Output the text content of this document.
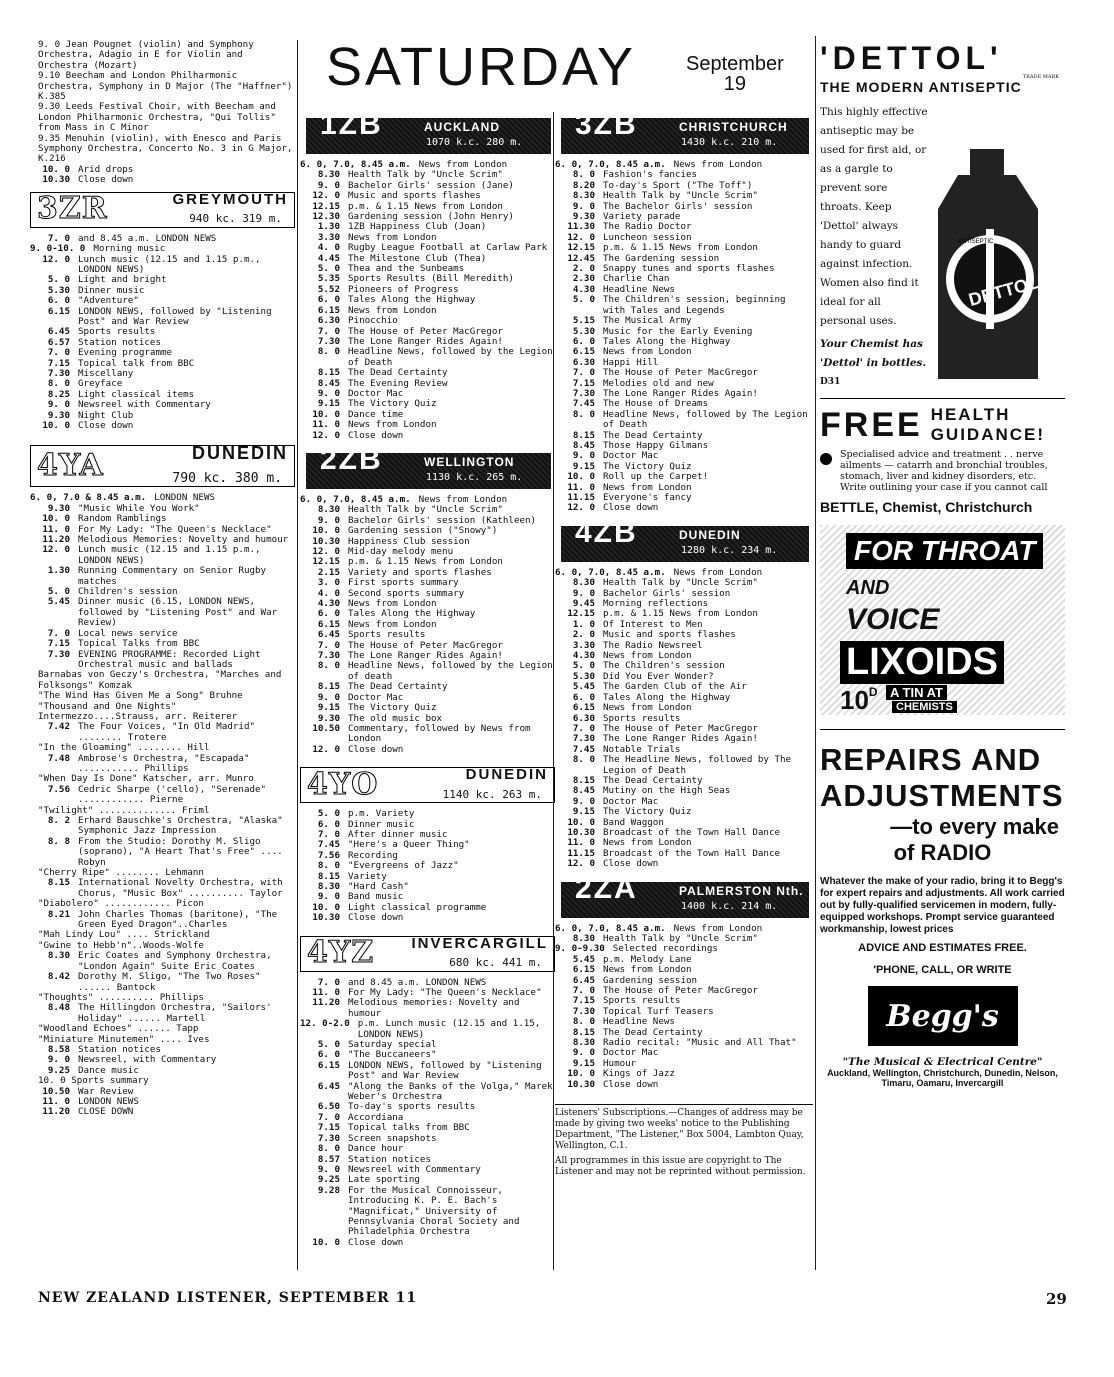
SATURDAY September
19
9. 0 Jean Pougnet (violin) and Symphony Orchestra, Adagio in E for Violin and Orchestra (Mozart)
9.10 Beecham and London Philharmonic Orchestra, Symphony in D Major (The "Haffner") K.385
9.30 Leeds Festival Choir, with Beecham and London Philharmonic Orchestra, "Qui Tollis" from Mass in C Minor
9.35 Menuhin (violin), with Enesco and Paris Symphony Orchestra, Concerto No. 3 in G Major, K.216
10. 0 Arid drops
10.30 Close down
3ZR	GREYMOUTH
940 kc. 319 m.
7. 0 and 8.45 a.m. LONDON NEWS
9. 0-10. 0 Morning music
12. 0 Lunch music (12.15 and 1.15 p.m., LONDON NEWS)
5. 0 Light and bright
5.30 Dinner music
6. 0 "Adventure"
6.15 LONDON NEWS, followed by "Listening Post" and War Review
6.45 Sports results
6.57 Station notices
7. 0 Evening programme
7.15 Topical talk from BBC
7.30 Miscellany
8. 0 Greyface
8.25 Light classical items
9. 0 Newsreel with Commentary
9.30 Night Club
10. 0 Close down
4YA	DUNEDIN
790 kc. 380 m.
6. 0, 7.0 & 8.45 a.m. LONDON NEWS
9.30 "Music While You Work"
10. 0 Random Ramblings
11. 0 For My Lady: "The Queen's Necklace"
11.20 Melodious Memories: Novelty and humour
12. 0 Lunch music (12.15 and 1.15 p.m., LONDON NEWS)
1.30 Running Commentary on Senior Rugby matches
5. 0 Children's session
5.45 Dinner music (6.15, LONDON NEWS, followed by "Listening Post" and War Review)
7. 0 Local news service
7.15 Topical Talks from BBC
7.30 EVENING PROGRAMME: Recorded Light Orchestral music and ballads
Barnabas von Geczy's Orchestra, "Marches and Folksongs" Komzak
"The Wind Has Given Me a Song" Bruhne
"Thousand and One Nights" Intermezzo....Strauss, arr. Reiterer
7.42 The Four Voices, "In Old Madrid" ........ Trotere
"In the Gloaming" ........ Hill
7.48 Ambrose's Orchestra, "Escapada" ........... Phillips
"When Day Is Done" Katscher, arr. Munro
7.56 Cedric Sharpe ('cello), "Serenade" ............ Pierne
"Twilight" .............. Friml
8. 2 Erhard Bauschke's Orchestra, "Alaska" Symphonic Jazz Impression
8. 8 From the Studio: Dorothy M. Sligo (soprano), "A Heart That's Free" .... Robyn
"Cherry Ripe" ........ Lehmann
8.15 International Novelty Orchestra, with Chorus, "Music Box" .......... Taylor
"Diabolero" ............ Picon
8.21 John Charles Thomas (baritone), "The Green Eyed Dragon"..Charles
"Mah Lindy Lou" .... Strickland
"Gwine to Hebb'n"..Woods-Wolfe
8.30 Eric Coates and Symphony Orchestra, "London Again" Suite Eric Coates
8.42 Dorothy M. Sligo, "The Two Roses" ...... Bantock
"Thoughts" .......... Phillips
8.48 The Hillingdon Orchestra, "Sailors' Holiday" ...... Martell
"Woodland Echoes" ...... Tapp
"Miniature Minutemen" .... Ives
8.58 Station notices
9. 0 Newsreel, with Commentary
9.25 Dance music
10. 0 Sports summary
10.50 War Review
11. 0 LONDON NEWS
11.20 CLOSE DOWN
1ZB	AUCKLAND
1070 k.c. 280 m.
6. 0, 7.0, 8.45 a.m. News from London
8.30 Health Talk by "Uncle Scrim"
9. 0 Bachelor Girls' session (Jane)
12. 0 Music and sports flashes
12.15 p.m. & 1.15 News from London
12.30 Gardening session (John Henry)
1.30 1ZB Happiness Club (Joan)
3.30 News from London
4. 0 Rugby League Football at Carlaw Park
4.45 The Milestone Club (Thea)
5. 0 Thea and the Sunbeams
5.35 Sports Results (Bill Meredith)
5.52 Pioneers of Progress
6. 0 Tales Along the Highway
6.15 News from London
6.30 Pinocchio
7. 0 The House of Peter MacGregor
7.30 The Lone Ranger Rides Again!
8. 0 Headline News, followed by the Legion of Death
8.15 The Dead Certainty
8.45 The Evening Review
9. 0 Doctor Mac
9.15 The Victory Quiz
10. 0 Dance time
11. 0 News from London
12. 0 Close down
2ZB	WELLINGTON
1130 k.c. 265 m.
6. 0, 7.0, 8.45 a.m. News from London
8.30 Health Talk by "Uncle Scrim"
9. 0 Bachelor Girls' session (Kathleen)
10. 0 Gardening session ("Snowy")
10.30 Happiness Club session
12. 0 Mid-day melody menu
12.15 p.m. & 1.15 News from London
2.15 Variety and sports flashes
3. 0 First sports summary
4. 0 Second sports summary
4.30 News from London
6. 0 Tales Along the Highway
6.15 News from London
6.45 Sports results
7. 0 The House of Peter MacGregor
7.30 The Lone Ranger Rides Again!
8. 0 Headline News, followed by the Legion of death
8.15 The Dead Certainty
9. 0 Doctor Mac
9.15 The Victory Quiz
9.30 The old music box
10.50 Commentary, followed by News from London
12. 0 Close down
4YO	DUNEDIN
1140 kc. 263 m.
5. 0 p.m. Variety
6. 0 Dinner music
7. 0 After dinner music
7.45 "Here's a Queer Thing"
7.56 Recording
8. 0 "Evergreens of Jazz"
8.15 Variety
8.30 "Hard Cash"
9. 0 Band music
10. 0 Light classical programme
10.30 Close down
4YZ	INVERCARGILL
680 kc. 441 m.
7. 0 and 8.45 a.m. LONDON NEWS
11. 0 For My Lady: "The Queen's Necklace"
11.20 Melodious memories: Novelty and humour
12. 0-2.0 p.m. Lunch music (12.15 and 1.15, LONDON NEWS)
5. 0 Saturday special
6. 0 "The Buccaneers"
6.15 LONDON NEWS, followed by "Listening Post" and War Review
6.45 "Along the Banks of the Volga," Marek Weber's Orchestra
6.50 To-day's sports results
7. 0 Accordiana
7.15 Topical talks from BBC
7.30 Screen snapshots
8. 0 Dance hour
8.57 Station notices
9. 0 Newsreel with Commentary
9.25 Late sporting
9.28 For the Musical Connoisseur, Introducing K. P. E. Bach's "Magnificat," University of Pennsylvania Choral Society and Philadelphia Orchestra
10. 0 Close down
3ZB	CHRISTCHURCH
1430 k.c. 210 m.
6. 0, 7.0, 8.45 a.m. News from London
8. 0 Fashion's fancies
8.20 To-day's Sport ("The Toff")
8.30 Health Talk by "Uncle Scrim"
9. 0 The Bachelor Girls' session
9.30 Variety parade
11.30 The Radio Doctor
12. 0 Luncheon session
12.15 p.m. & 1.15 News from London
12.45 The Gardening session
2. 0 Snappy tunes and sports flashes
2.30 Charlie Chan
4.30 Headline News
5. 0 The Children's session, beginning with Tales and Legends
5.15 The Musical Army
5.30 Music for the Early Evening
6. 0 Tales Along the Highway
6.15 News from London
6.30 Happi Hill
7. 0 The House of Peter MacGregor
7.15 Melodies old and new
7.30 The Lone Ranger Rides Again!
7.45 The House of Dreams
8. 0 Headline News, followed by The Legion of Death
8.15 The Dead Certainty
8.45 Those Happy Gilmans
9. 0 Doctor Mac
9.15 The Victory Quiz
10. 0 Roll up the Carpet!
11. 0 News from London
11.15 Everyone's fancy
12. 0 Close down
4ZB	DUNEDIN
1280 k.c. 234 m.
6. 0, 7.0, 8.45 a.m. News from London
8.30 Health Talk by "Uncle Scrim"
9. 0 Bachelor Girls' session
9.45 Morning reflections
12.15 p.m. & 1.15 News from London
1. 0 Of Interest to Men
2. 0 Music and sports flashes
3.30 The Radio Newsreel
4.30 News from London
5. 0 The Children's session
5.30 Did You Ever Wonder?
5.45 The Garden Club of the Air
6. 0 Tales Along the Highway
6.15 News from London
6.30 Sports results
7. 0 The House of Peter MacGregor
7.30 The Lone Ranger Rides Again!
7.45 Notable Trials
8. 0 The Headline News, followed by The Legion of Death
8.15 The Dead Certainty
8.45 Mutiny on the High Seas
9. 0 Doctor Mac
9.15 The Victory Quiz
10. 0 Band Waggon
10.30 Broadcast of the Town Hall Dance
11. 0 News from London
11.15 Broadcast of the Town Hall Dance
12. 0 Close down
2ZA	PALMERSTON Nth.
1400 k.c. 214 m.
6. 0, 7.0, 8.45 a.m. News from London
8.30 Health Talk by "Uncle Scrim"
9. 0-9.30 Selected recordings
5.45 p.m. Melody Lane
6.15 News from London
6.45 Gardening session
7. 0 The House of Peter MacGregor
7.15 Sports results
7.30 Topical Turf Teasers
8. 0 Headline News
8.15 The Dead Certainty
8.30 Radio recital: "Music and All That"
9. 0 Doctor Mac
9.15 Humour
10. 0 Kings of Jazz
10.30 Close down
Listeners' Subscriptions.—Changes of address may be made by giving two weeks' notice to the Publishing Department, "The Listener," Box 5004, Lambton Quay, Wellington, C.1.
All programmes in this issue are copyright to The Listener and may not be reprinted without permission.
'DETTOL'
TRADE MARK
THE MODERN ANTISEPTIC
This highly effective antiseptic may be used for first aid, or as a gargle to prevent sore throats. Keep 'Dettol' always handy to guard against infection. Women also find it ideal for all personal uses.
Your Chemist has 'Dettol' in bottles.
D31
DETTOL
ANTISEPTIC
FREE HEALTH
GUIDANCE!
Specialised advice and treatment . . nerve ailments — catarrh and bronchial troubles, stomach, liver and kidney disorders, etc. Write outlining your case if you cannot call
BETTLE, Chemist, Christchurch
FOR THROAT
AND
VOICE
LIXOIDS
$10^D$ A TIN AT
CHEMISTS
REPAIRS AND
ADJUSTMENTS
—to every make
of RADIO
Whatever the make of your radio, bring it to Begg's for expert repairs and adjustments. All work carried out by fully-qualified servicemen in modern, fully-equipped workshops. Prompt service guaranteed workmanship, lowest prices
ADVICE AND ESTIMATES FREE.
'PHONE, CALL, OR WRITE
Begg's
"The Musical & Electrical Centre"
Auckland, Wellington, Christchurch, Dunedin, Nelson, Timaru, Oamaru, Invercargill
NEW ZEALAND LISTENER, SEPTEMBER 11	29
